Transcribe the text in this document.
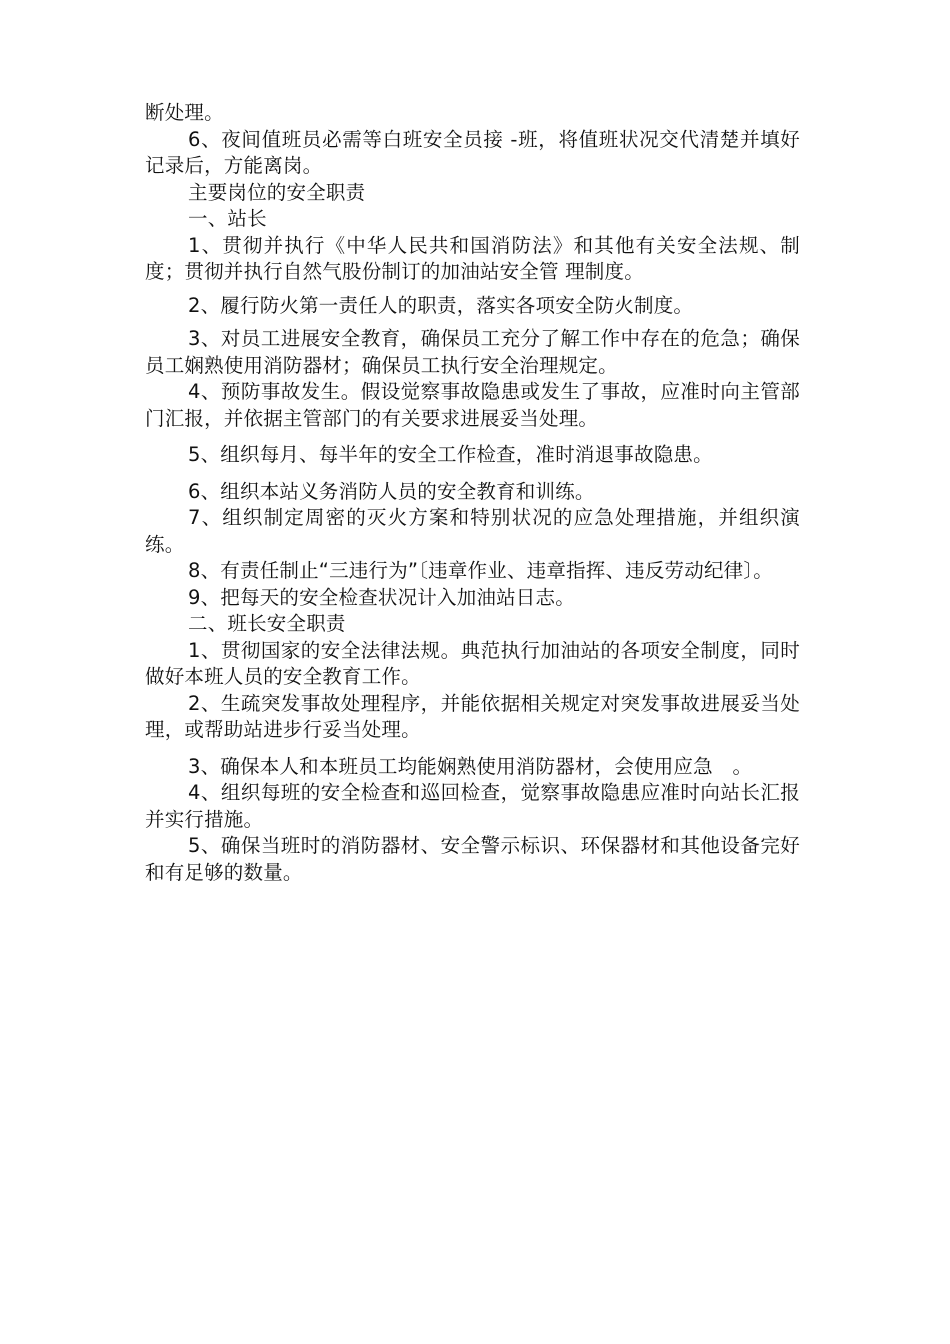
断处理。

6、夜间值班员必需等白班安全员接 -班，将值班状况交代清楚并填好记录后，方能离岗。

主要岗位的安全职责

一、站长

1、贯彻并执行《中华人民共和国消防法》和其他有关安全法规、制度；贯彻并执行自然气股份制订的加油站安全管 理制度。

2、履行防火第一责任人的职责，落实各项安全防火制度。

3、对员工进展安全教育，确保员工充分了解工作中存在的危急；确保员工娴熟使用消防器材；确保员工执行安全治理规定。

4、预防事故发生。假设觉察事故隐患或发生了事故，应准时向主管部门汇报，并依据主管部门的有关要求进展妥当处理。

5、组织每月、每半年的安全工作检查，准时消退事故隐患。

6、组织本站义务消防人员的安全教育和训练。

7、组织制定周密的灭火方案和特别状况的应急处理措施，并组织演练。

8、有责任制止“三违行为”〔违章作业、违章指挥、违反劳动纪律〕。

9、把每天的安全检查状况计入加油站日志。

二、班长安全职责

1、贯彻国家的安全法律法规。典范执行加油站的各项安全制度，同时做好本班人员的安全教育工作。

2、生疏突发事故处理程序，并能依据相关规定对突发事故进展妥当处理，或帮助站进步行妥当处理。

3、确保本人和本班员工均能娴熟使用消防器材，会使用应急　。

4、组织每班的安全检查和巡回检查，觉察事故隐患应准时向站长汇报并实行措施。

5、确保当班时的消防器材、安全警示标识、环保器材和其他设备完好和有足够的数量。
